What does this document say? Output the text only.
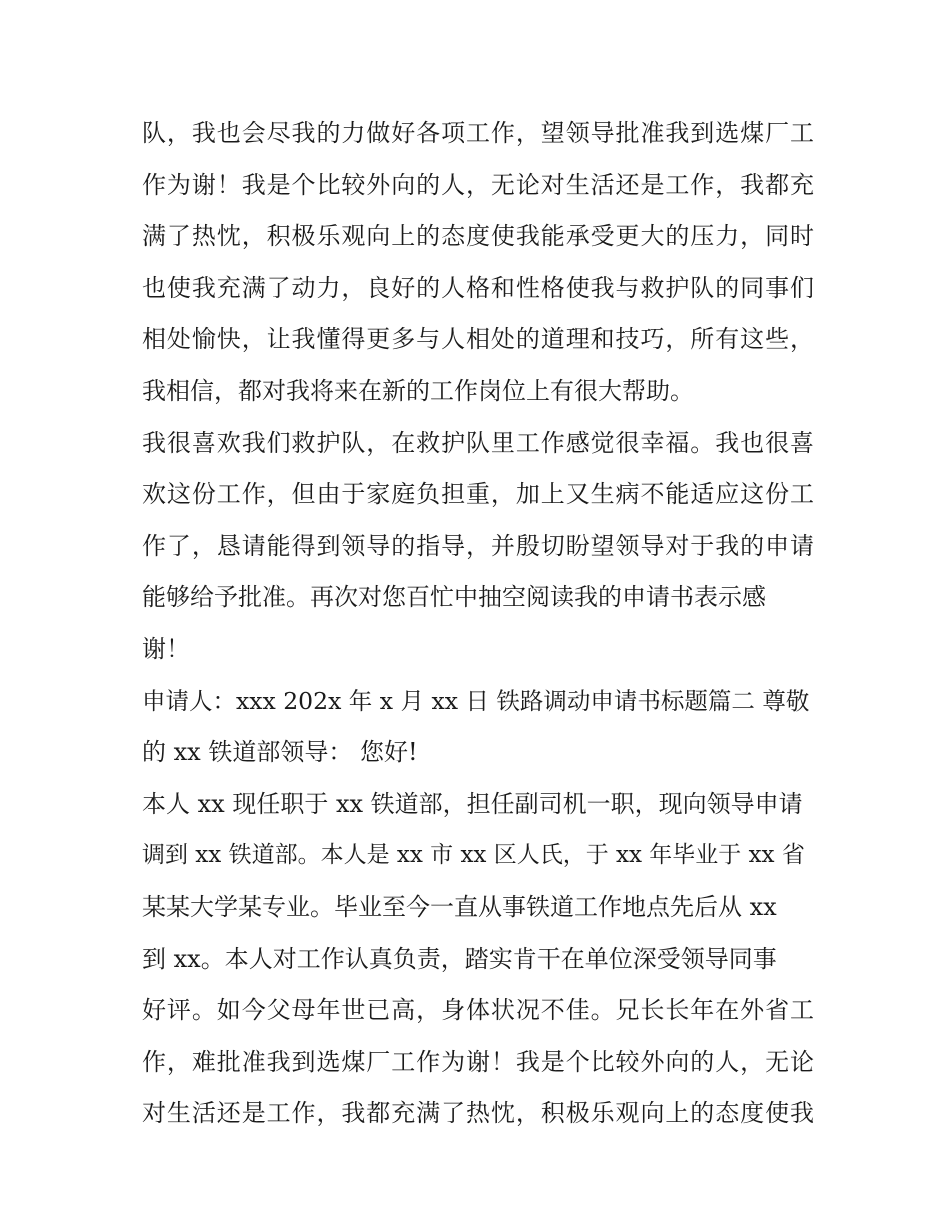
队，我也会尽我的力做好各项工作，望领导批准我到选煤厂工
作为谢！我是个比较外向的人，无论对生活还是工作，我都充
满了热忱，积极乐观向上的态度使我能承受更大的压力，同时
也使我充满了动力，良好的人格和性格使我与救护队的同事们
相处愉快，让我懂得更多与人相处的道理和技巧，所有这些，
我相信，都对我将来在新的工作岗位上有很大帮助。
我很喜欢我们救护队，在救护队里工作感觉很幸福。我也很喜
欢这份工作，但由于家庭负担重，加上又生病不能适应这份工
作了，恳请能得到领导的指导，并殷切盼望领导对于我的申请
能够给予批准。再次对您百忙中抽空阅读我的申请书表示感
谢！
申请人：xxx 202x 年 x 月 xx 日 铁路调动申请书标题篇二 尊敬
的 xx 铁道部领导： 您好!
本人 xx 现任职于 xx 铁道部，担任副司机一职，现向领导申请
调到 xx 铁道部。本人是 xx 市 xx 区人氏，于 xx 年毕业于 xx 省
某某大学某专业。毕业至今一直从事铁道工作地点先后从 xx
到 xx。本人对工作认真负责，踏实肯干在单位深受领导同事
好评。如今父母年世已高，身体状况不佳。兄长长年在外省工
作，难批准我到选煤厂工作为谢！我是个比较外向的人，无论
对生活还是工作，我都充满了热忱，积极乐观向上的态度使我
